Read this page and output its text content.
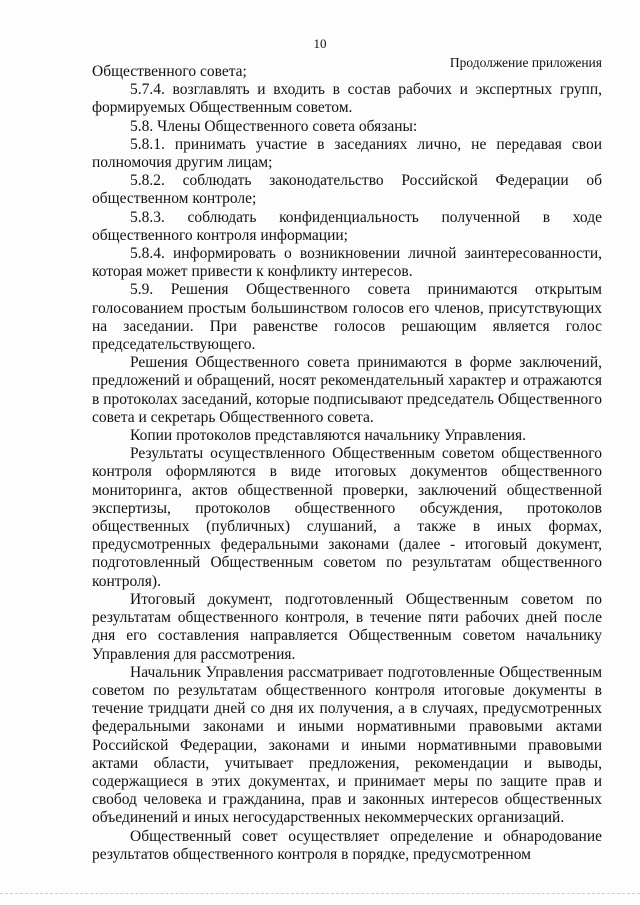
10
Продолжение приложения

Общественного совета;

5.7.4. возглавлять и входить в состав рабочих и экспертных групп, формируемых Общественным советом.

5.8. Члены Общественного совета обязаны:

5.8.1. принимать участие в заседаниях лично, не передавая свои полномочия другим лицам;

5.8.2. соблюдать законодательство Российской Федерации об общественном контроле;

5.8.3. соблюдать конфиденциальность полученной в ходе общественного контроля информации;

5.8.4. информировать о возникновении личной заинтересованности, которая может привести к конфликту интересов.

5.9. Решения Общественного совета принимаются открытым голосованием простым большинством голосов его членов, присутствующих на заседании. При равенстве голосов решающим является голос председательствующего.

Решения Общественного совета принимаются в форме заключений, предложений и обращений, носят рекомендательный характер и отражаются в протоколах заседаний, которые подписывают председатель Общественного совета и секретарь Общественного совета.

Копии протоколов представляются начальнику Управления.

Результаты осуществленного Общественным советом общественного контроля оформляются в виде итоговых документов общественного мониторинга, актов общественной проверки, заключений общественной экспертизы, протоколов общественного обсуждения, протоколов общественных (публичных) слушаний, а также в иных формах, предусмотренных федеральными законами (далее - итоговый документ, подготовленный Общественным советом по результатам общественного контроля).

Итоговый документ, подготовленный Общественным советом по результатам общественного контроля, в течение пяти рабочих дней после дня его составления направляется Общественным советом начальнику Управления для рассмотрения.

Начальник Управления рассматривает подготовленные Общественным советом по результатам общественного контроля итоговые документы в течение тридцати дней со дня их получения, а в случаях, предусмотренных федеральными законами и иными нормативными правовыми актами Российской Федерации, законами и иными нормативными правовыми актами области, учитывает предложения, рекомендации и выводы, содержащиеся в этих документах, и принимает меры по защите прав и свобод человека и гражданина, прав и законных интересов общественных объединений и иных негосударственных некоммерческих организаций.

Общественный совет осуществляет определение и обнародование результатов общественного контроля в порядке, предусмотренном
